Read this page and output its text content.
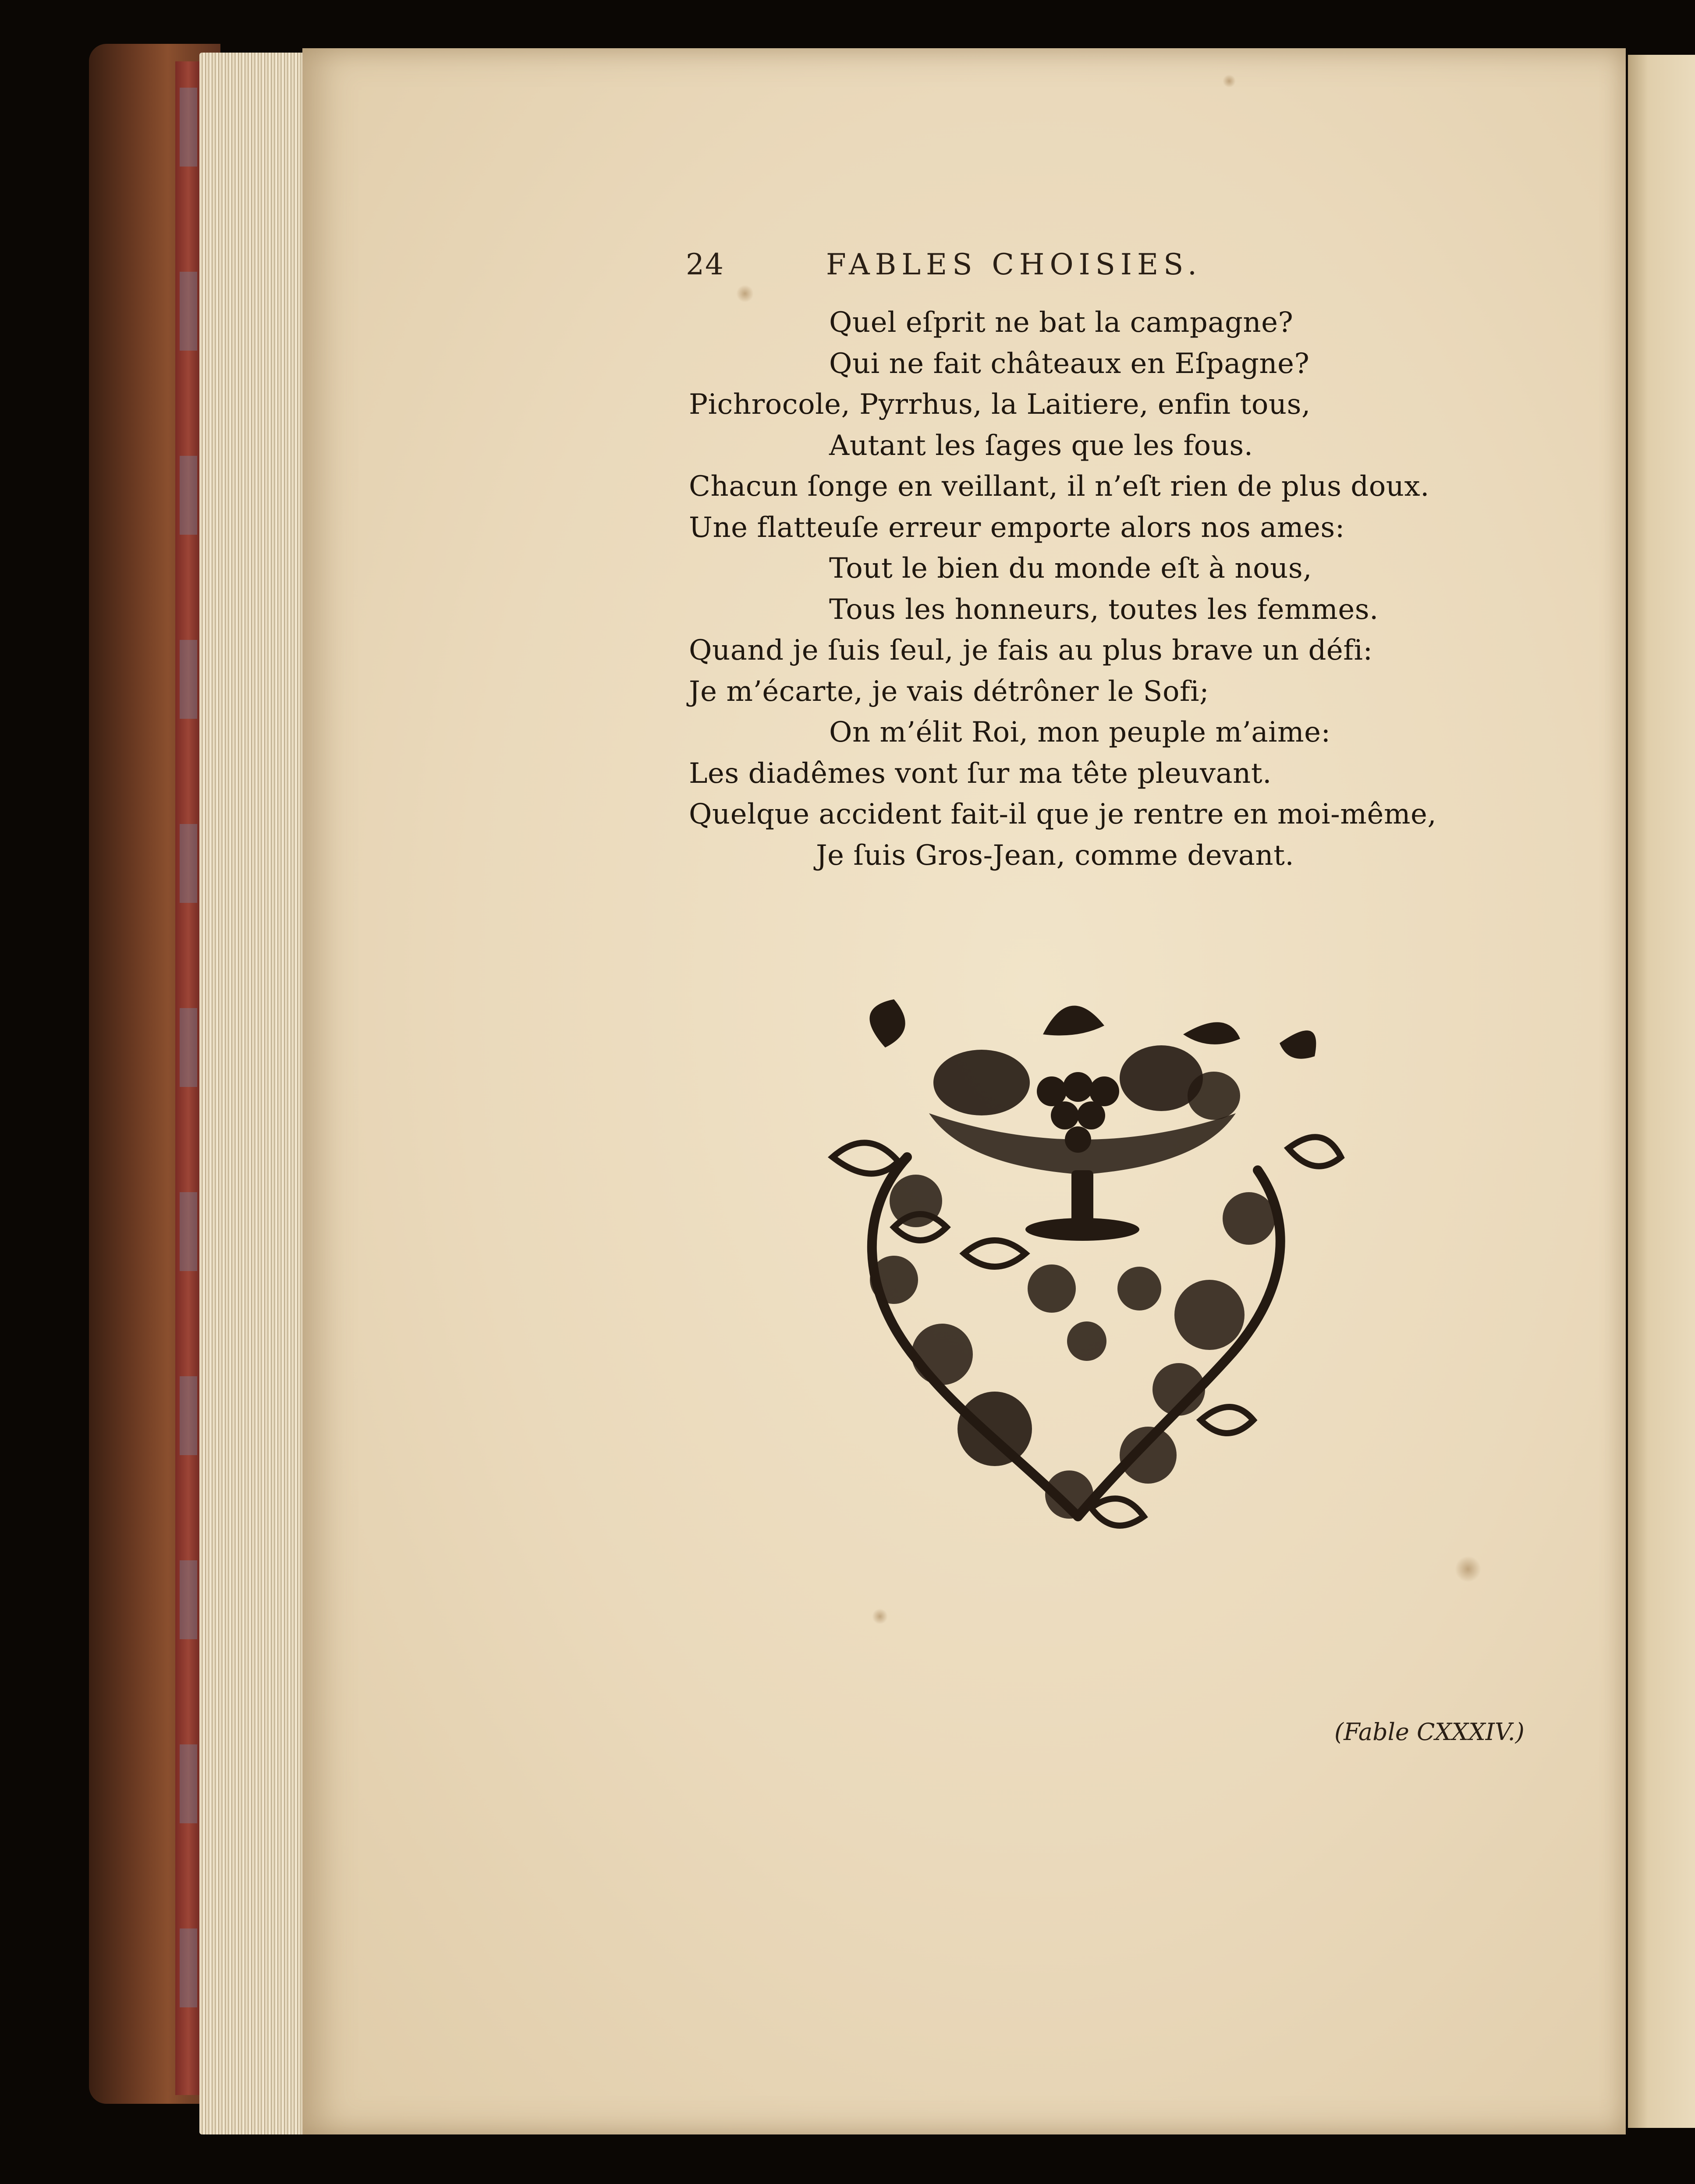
24	FABLES CHOISIES.
Quel eſprit ne bat la campagne?
Qui ne fait châteaux en Eſpagne?
Pichrocole, Pyrrhus, la Laitiere, enfin tous,
Autant les ſages que les fous.
Chacun ſonge en veillant, il n’eſt rien de plus doux.
Une flatteuſe erreur emporte alors nos ames:
Tout le bien du monde eſt à nous,
Tous les honneurs, toutes les femmes.
Quand je ſuis ſeul, je fais au plus brave un défi:
Je m’écarte, je vais détrôner le Sofi;
On m’élit Roi, mon peuple m’aime:
Les diadêmes vont ſur ma tête pleuvant.
Quelque accident fait-il que je rentre en moi-même,
Je ſuis Gros-Jean, comme devant.
(Fable CXXXIV.)
